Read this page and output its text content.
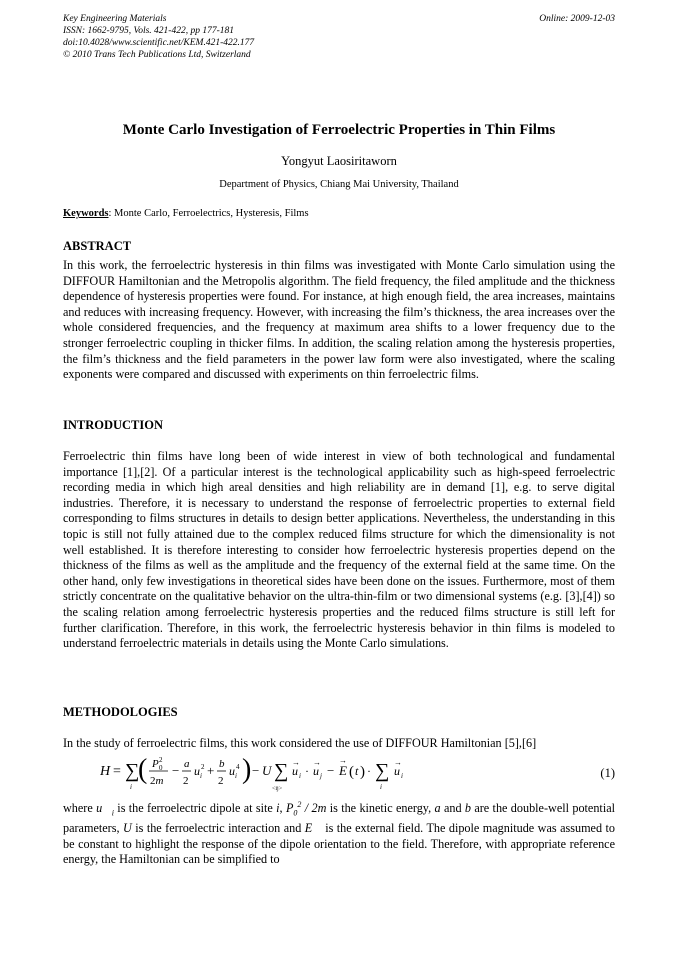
Key Engineering Materials
ISSN: 1662-9795, Vols. 421-422, pp 177-181
doi:10.4028/www.scientific.net/KEM.421-422.177
© 2010 Trans Tech Publications Ltd, Switzerland
Online: 2009-12-03
Monte Carlo Investigation of Ferroelectric Properties in Thin Films
Yongyut Laosiritaworn
Department of Physics, Chiang Mai University, Thailand
Keywords: Monte Carlo, Ferroelectrics, Hysteresis, Films
ABSTRACT
In this work, the ferroelectric hysteresis in thin films was investigated with Monte Carlo simulation using the DIFFOUR Hamiltonian and the Metropolis algorithm. The field frequency, the filed amplitude and the thickness dependence of hysteresis properties were found. For instance, at high enough field, the area increases, maintains and reduces with increasing frequency. However, with increasing the film’s thickness, the area increases over the whole considered frequencies, and the frequency at maximum area shifts to a lower frequency due to the stronger ferroelectric coupling in thicker films. In addition, the scaling relation among the hysteresis properties, the film’s thickness and the field parameters in the power law form were also investigated, where the scaling exponents were compared and discussed with experiments on thin ferroelectric films.
INTRODUCTION
Ferroelectric thin films have long been of wide interest in view of both technological and fundamental importance [1],[2]. Of a particular interest is the technological applicability such as high-speed ferroelectric recording media in which high areal densities and high reliability are in demand [1], e.g. to serve digital industries. Therefore, it is necessary to understand the response of ferroelectric properties to external field corresponding to films structures in details to design better applications. Nevertheless, the understanding in this topic is still not fully attained due to the complex reduced films structure for which the dimensionality is not well established. It is therefore interesting to consider how ferroelectric hysteresis properties depend on the thickness of the films as well as the amplitude and the frequency of the external field at the same time. On the other hand, only few investigations in theoretical sides have been done on the issues. Furthermore, most of them strictly concentrate on the qualitative behavior on the ultra-thin-film or two dimensional systems (e.g. [3],[4]) so the scaling relation among ferroelectric hysteresis properties and the reduced films structure is still left for further clarification. Therefore, in this work, the ferroelectric hysteresis behavior in thin films is modeled to understand ferroelectric materials in details using the Monte Carlo simulations.
METHODOLOGIES
In the study of ferroelectric films, this work considered the use of DIFFOUR Hamiltonian [5],[6]
H = ∑
i
( P 0
2
2m
− a
2
u i
2 + b
2
u i
4 ) − U ∑
<ij>
u
→
i · u
→
j − E
→
( t ) · ∑
i
u
→
i	(1)
where $u⃗_i$ is the ferroelectric dipole at site i, $P_0^2 / 2m$ is the kinetic energy, a and b are the double-well potential parameters, U is the ferroelectric interaction and E⃗ is the external field. The dipole magnitude was assumed to be constant to highlight the response of the dipole orientation to the field. Therefore, with appropriate reference energy, the Hamiltonian can be simplified to
